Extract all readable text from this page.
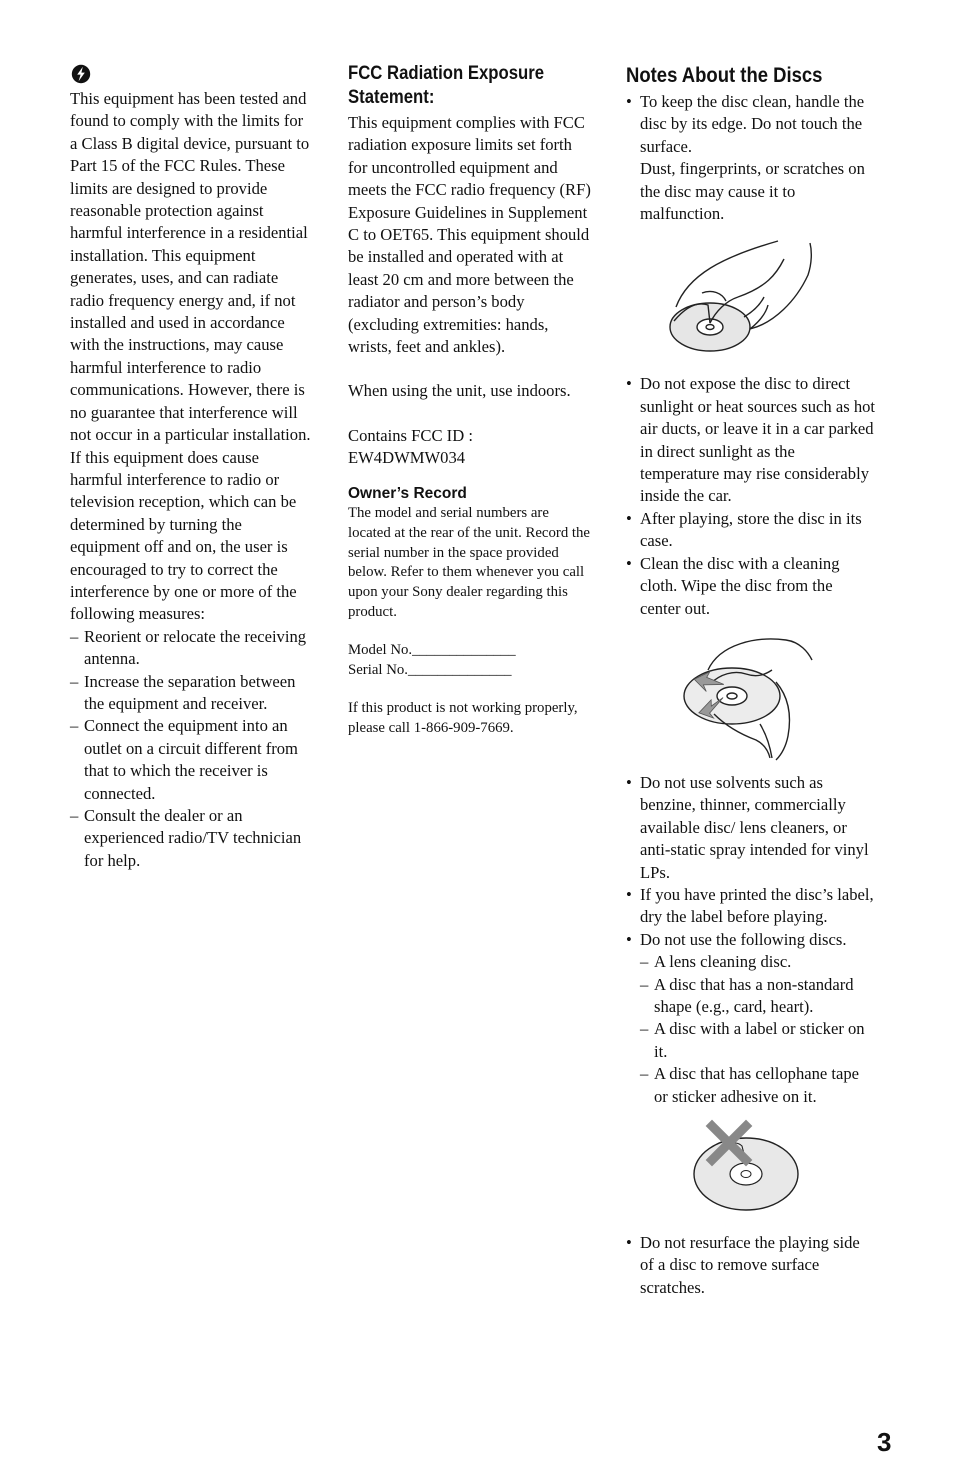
This equipment has been tested and found to comply with the limits for a Class B digital device, pursuant to Part 15 of the FCC Rules. These limits are designed to provide reasonable protection against harmful interference in a residential installation. This equipment generates, uses, and can radiate radio frequency energy and, if not installed and used in accordance with the instructions, may cause harmful interference to radio communications. However, there is no guarantee that interference will not occur in a particular installation. If this equipment does cause harmful interference to radio or television reception, which can be determined by turning the equipment off and on, the user is encouraged to try to correct the interference by one or more of the following measures:

– Reorient or relocate the receiving antenna.
– Increase the separation between the equipment and receiver.
– Connect the equipment into an outlet on a circuit different from that to which the receiver is connected.
– Consult the dealer or an experienced radio/TV technician for help.
FCC Radiation Exposure
Statement:

This equipment complies with FCC radiation exposure limits set forth for uncontrolled equipment and meets the FCC radio frequency (RF) Exposure Guidelines in Supplement C to OET65. This equipment should be installed and operated with at least 20 cm and more between the radiator and person’s body (excluding extremities: hands, wrists, feet and ankles).

When using the unit, use indoors.

Contains FCC ID :

EW4DWMW034

Owner’s Record

The model and serial numbers are located at the rear of the unit. Record the serial number in the space provided below. Refer to them whenever you call upon your Sony dealer regarding this product.

Model No.______________

Serial No.______________

If this product is not working properly, please call 1-866-909-7669.

Notes About the Discs
• To keep the disc clean, handle the disc by its edge. Do not touch the surface.
Dust, fingerprints, or scratches on the disc may cause it to malfunction.
• Do not expose the disc to direct sunlight or heat sources such as hot air ducts, or leave it in a car parked in direct sunlight as the temperature may rise considerably inside the car.
• After playing, store the disc in its case.
• Clean the disc with a cleaning cloth. Wipe the disc from the center out.
• Do not use solvents such as benzine, thinner, commercially available disc/ lens cleaners, or anti-static spray intended for vinyl LPs.
• If you have printed the disc’s label, dry the label before playing.
• Do not use the following discs.
– A lens cleaning disc.
– A disc that has a non-standard shape (e.g., card, heart).
– A disc with a label or sticker on it.
– A disc that has cellophane tape or sticker adhesive on it.
• Do not resurface the playing side of a disc to remove surface scratches.
3
